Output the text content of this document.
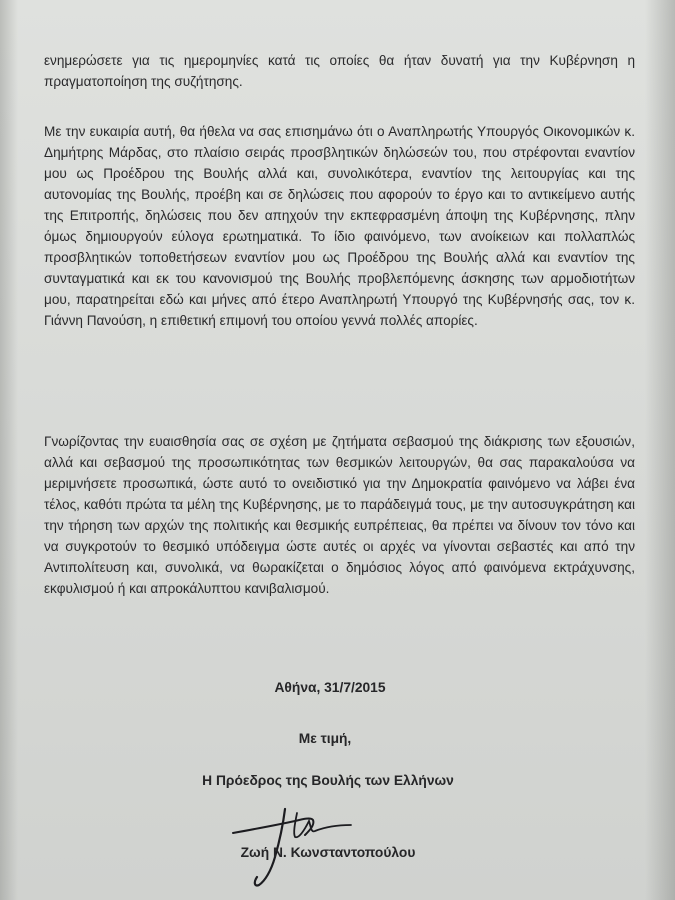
ενημερώσετε για τις ημερομηνίες κατά τις οποίες θα ήταν δυνατή για την Κυβέρνηση η πραγματοποίηση της συζήτησης.

Με την ευκαιρία αυτή, θα ήθελα να σας επισημάνω ότι ο Αναπληρωτής Υπουργός Οικονομικών κ. Δημήτρης Μάρδας, στο πλαίσιο σειράς προσβλητικών δηλώσεών του, που στρέφονται εναντίον μου ως Προέδρου της Βουλής αλλά και, συνολικότερα, εναντίον της λειτουργίας και της αυτονομίας της Βουλής, προέβη και σε δηλώσεις που αφορούν το έργο και το αντικείμενο αυτής της Επιτροπής, δηλώσεις που δεν απηχούν την εκπεφρασμένη άποψη της Κυβέρνησης, πλην όμως δημιουργούν εύλογα ερωτηματικά. Το ίδιο φαινόμενο, των ανοίκειων και πολλαπλώς προσβλητικών τοποθετήσεων εναντίον μου ως Προέδρου της Βουλής αλλά και εναντίον της συνταγματικά και εκ του κανονισμού της Βουλής προβλεπόμενης άσκησης των αρμοδιοτήτων μου, παρατηρείται εδώ και μήνες από έτερο Αναπληρωτή Υπουργό της Κυβέρνησής σας, τον κ. Γιάννη Πανούση, η επιθετική επιμονή του οποίου γεννά πολλές απορίες.

Γνωρίζοντας την ευαισθησία σας σε σχέση με ζητήματα σεβασμού της διάκρισης των εξουσιών, αλλά και σεβασμού της προσωπικότητας των θεσμικών λειτουργών, θα σας παρακαλούσα να μεριμνήσετε προσωπικά, ώστε αυτό το ονειδιστικό για την Δημοκρατία φαινόμενο να λάβει ένα τέλος, καθότι πρώτα τα μέλη της Κυβέρνησης, με το παράδειγμά τους, με την αυτοσυγκράτηση και την τήρηση των αρχών της πολιτικής και θεσμικής ευπρέπειας, θα πρέπει να δίνουν τον τόνο και να συγκροτούν το θεσμικό υπόδειγμα ώστε αυτές οι αρχές να γίνονται σεβαστές και από την Αντιπολίτευση και, συνολικά, να θωρακίζεται ο δημόσιος λόγος από φαινόμενα εκτράχυνσης, εκφυλισμού ή και απροκάλυπτου κανιβαλισμού.

Αθήνα, 31/7/2015

Με τιμή,

Η Πρόεδρος της Βουλής των Ελλήνων

Ζωή Ν. Κωνσταντοπούλου
